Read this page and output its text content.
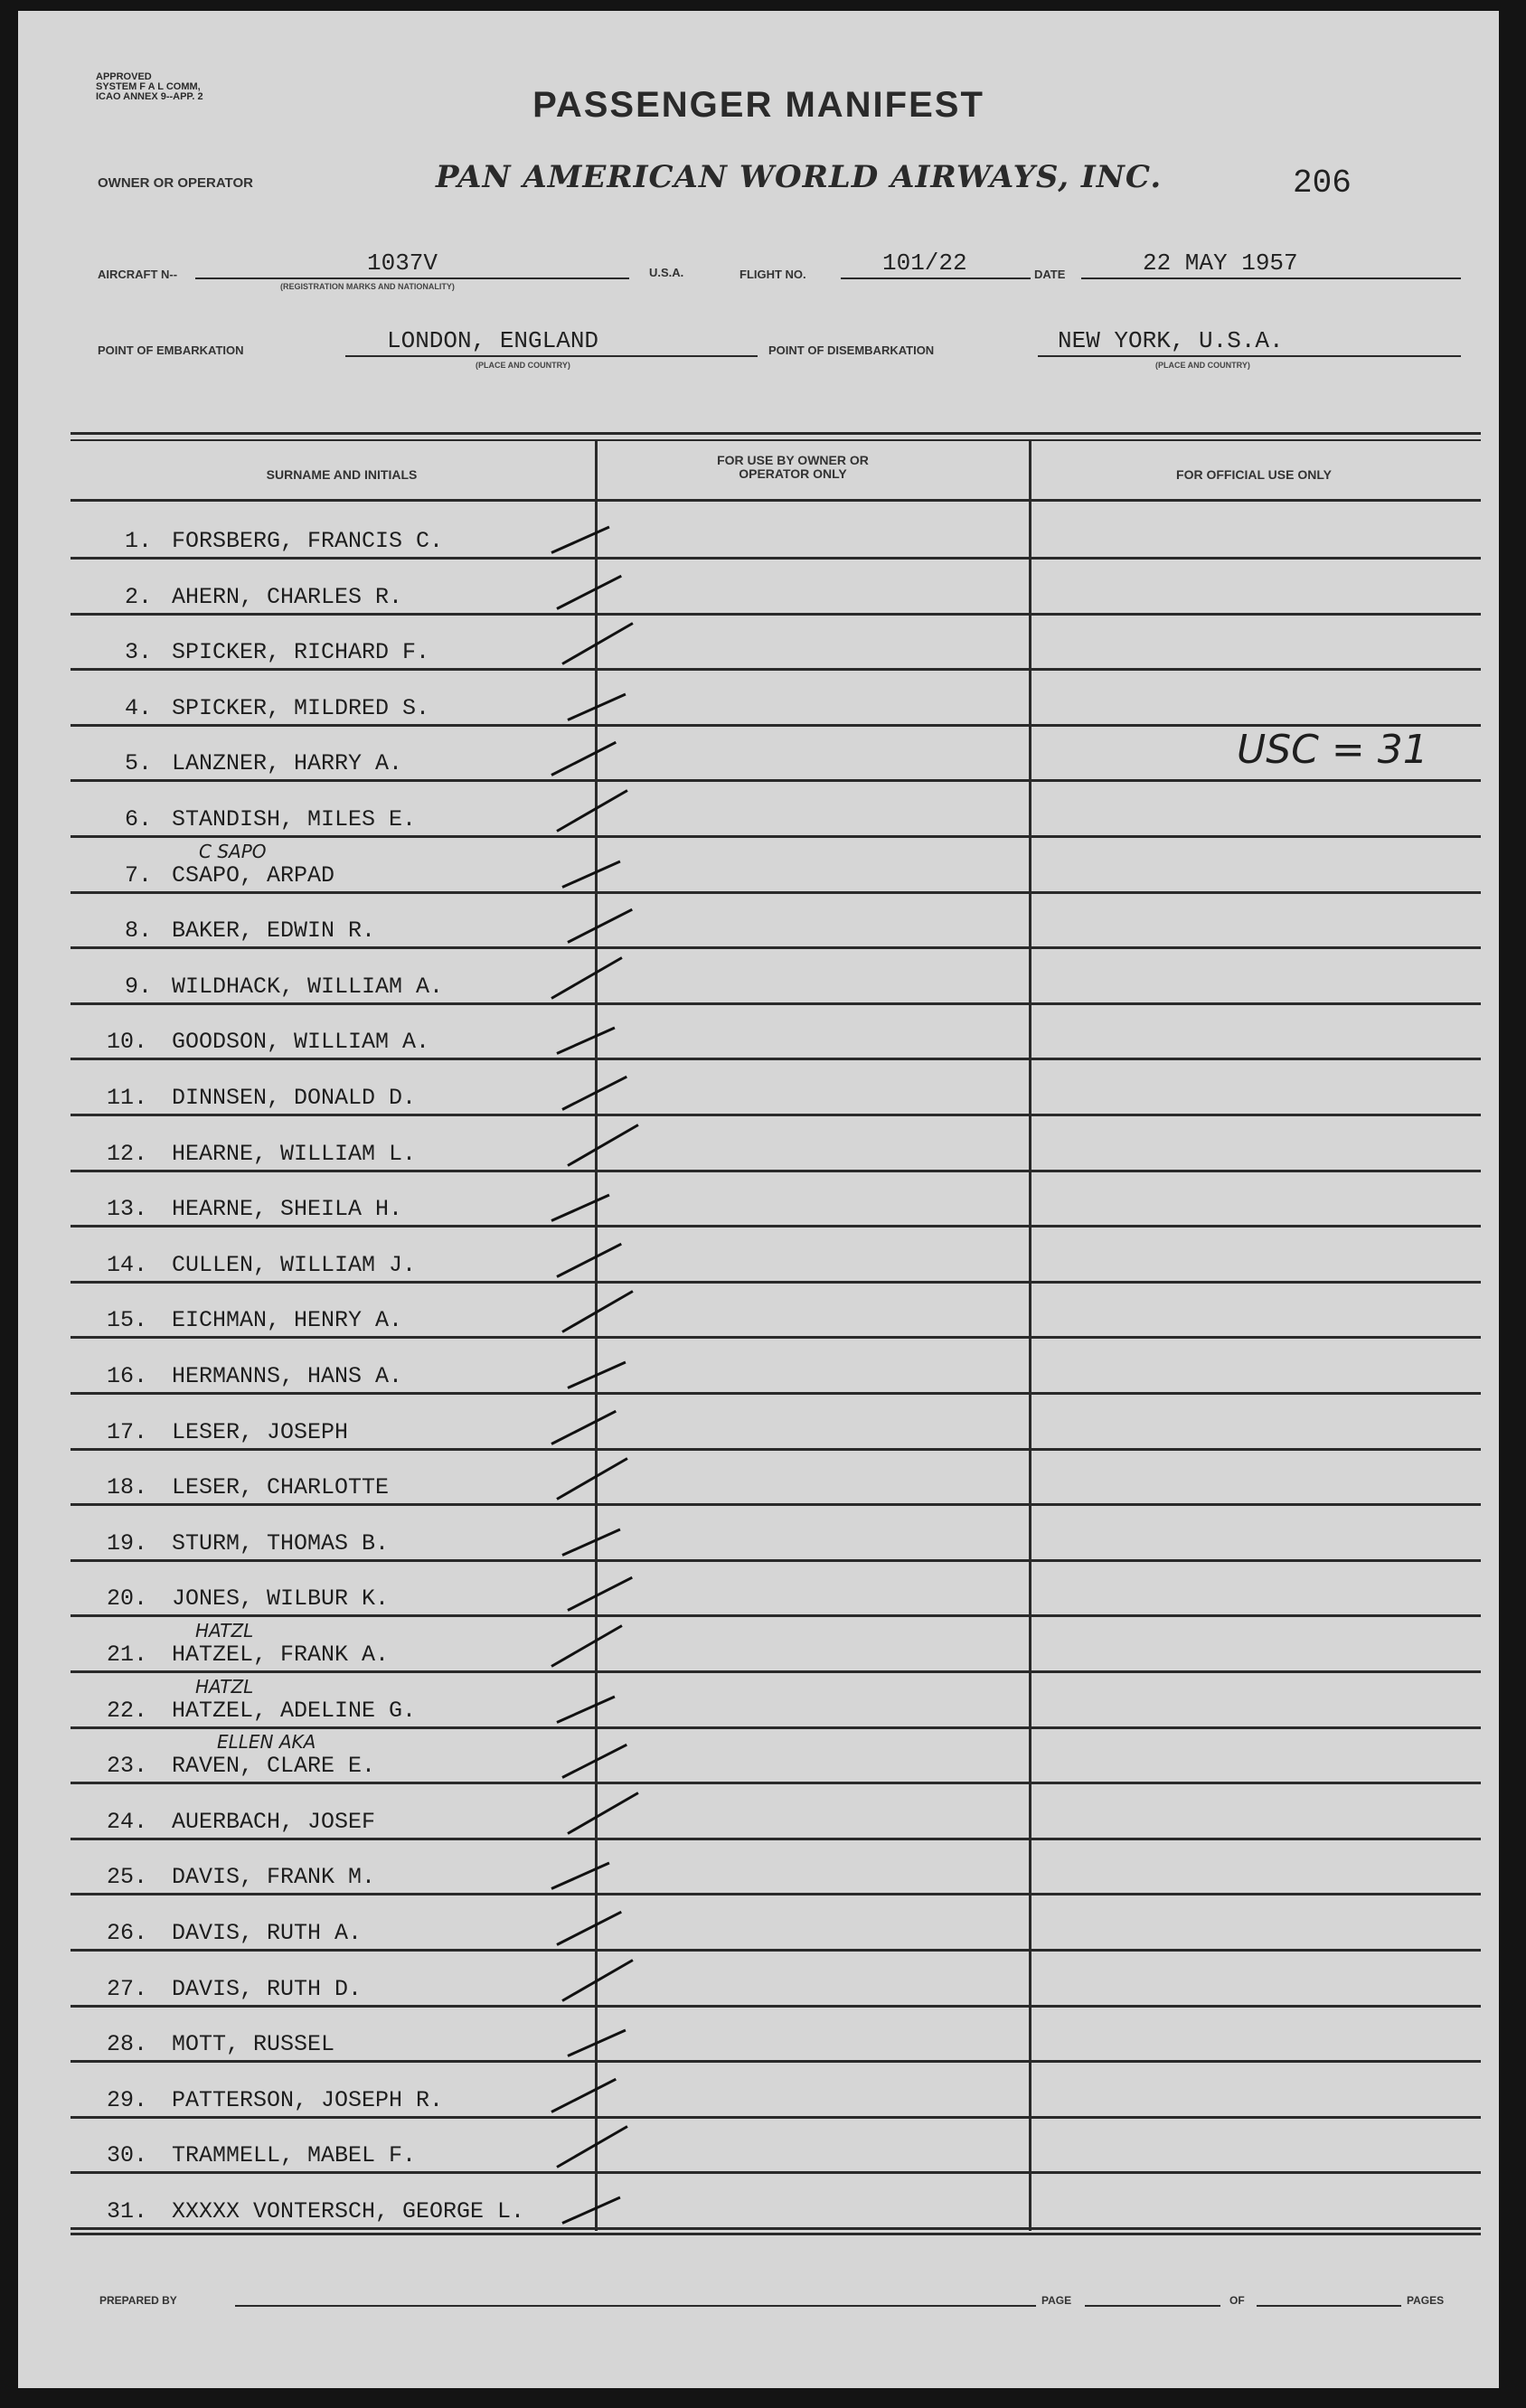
APPROVED
SYSTEM F A L COMM,
ICAO ANNEX 9--APP. 2	PASSENGER MANIFEST
OWNER OR OPERATOR	PAN AMERICAN WORLD AIRWAYS, INC.	206
AIRCRAFT N--	1037V
(REGISTRATION MARKS AND NATIONALITY)
U.S.A.	FLIGHT NO.	101/22	DATE	22 MAY 1957
POINT OF EMBARKATION	LONDON, ENGLAND
(PLACE AND COUNTRY)
POINT OF DISEMBARKATION	NEW YORK, U.S.A.
(PLACE AND COUNTRY)
SURNAME AND INITIALS
FOR USE BY OWNER OR OPERATOR ONLY	FOR OFFICIAL USE ONLY
1. FORSBERG, FRANCIS C.
2. AHERN, CHARLES R.
3. SPICKER, RICHARD F.
4. SPICKER, MILDRED S.
5. LANZNER, HARRY A.
6. STANDISH, MILES E.
7. CSAPO, ARPAD
C SAPO
8. BAKER, EDWIN R.
9. WILDHACK, WILLIAM A.
10. GOODSON, WILLIAM A.
11. DINNSEN, DONALD D.
12. HEARNE, WILLIAM L.
13. HEARNE, SHEILA H.
14. CULLEN, WILLIAM J.
15. EICHMAN, HENRY A.
16. HERMANNS, HANS A.
17. LESER, JOSEPH
18. LESER, CHARLOTTE
19. STURM, THOMAS B.
20. JONES, WILBUR K.
21. HATZEL, FRANK A.
HATZL
22. HATZEL, ADELINE G.
HATZL
23. RAVEN, CLARE E.
ELLEN AKA
24. AUERBACH, JOSEF
25. DAVIS, FRANK M.
26. DAVIS, RUTH A.
27. DAVIS, RUTH D.
28. MOTT, RUSSEL
29. PATTERSON, JOSEPH R.
30. TRAMMELL, MABEL F.
31. XXXXX VONTERSCH, GEORGE L.
USC = 31
PREPARED BY	PAGE	OF	PAGES
